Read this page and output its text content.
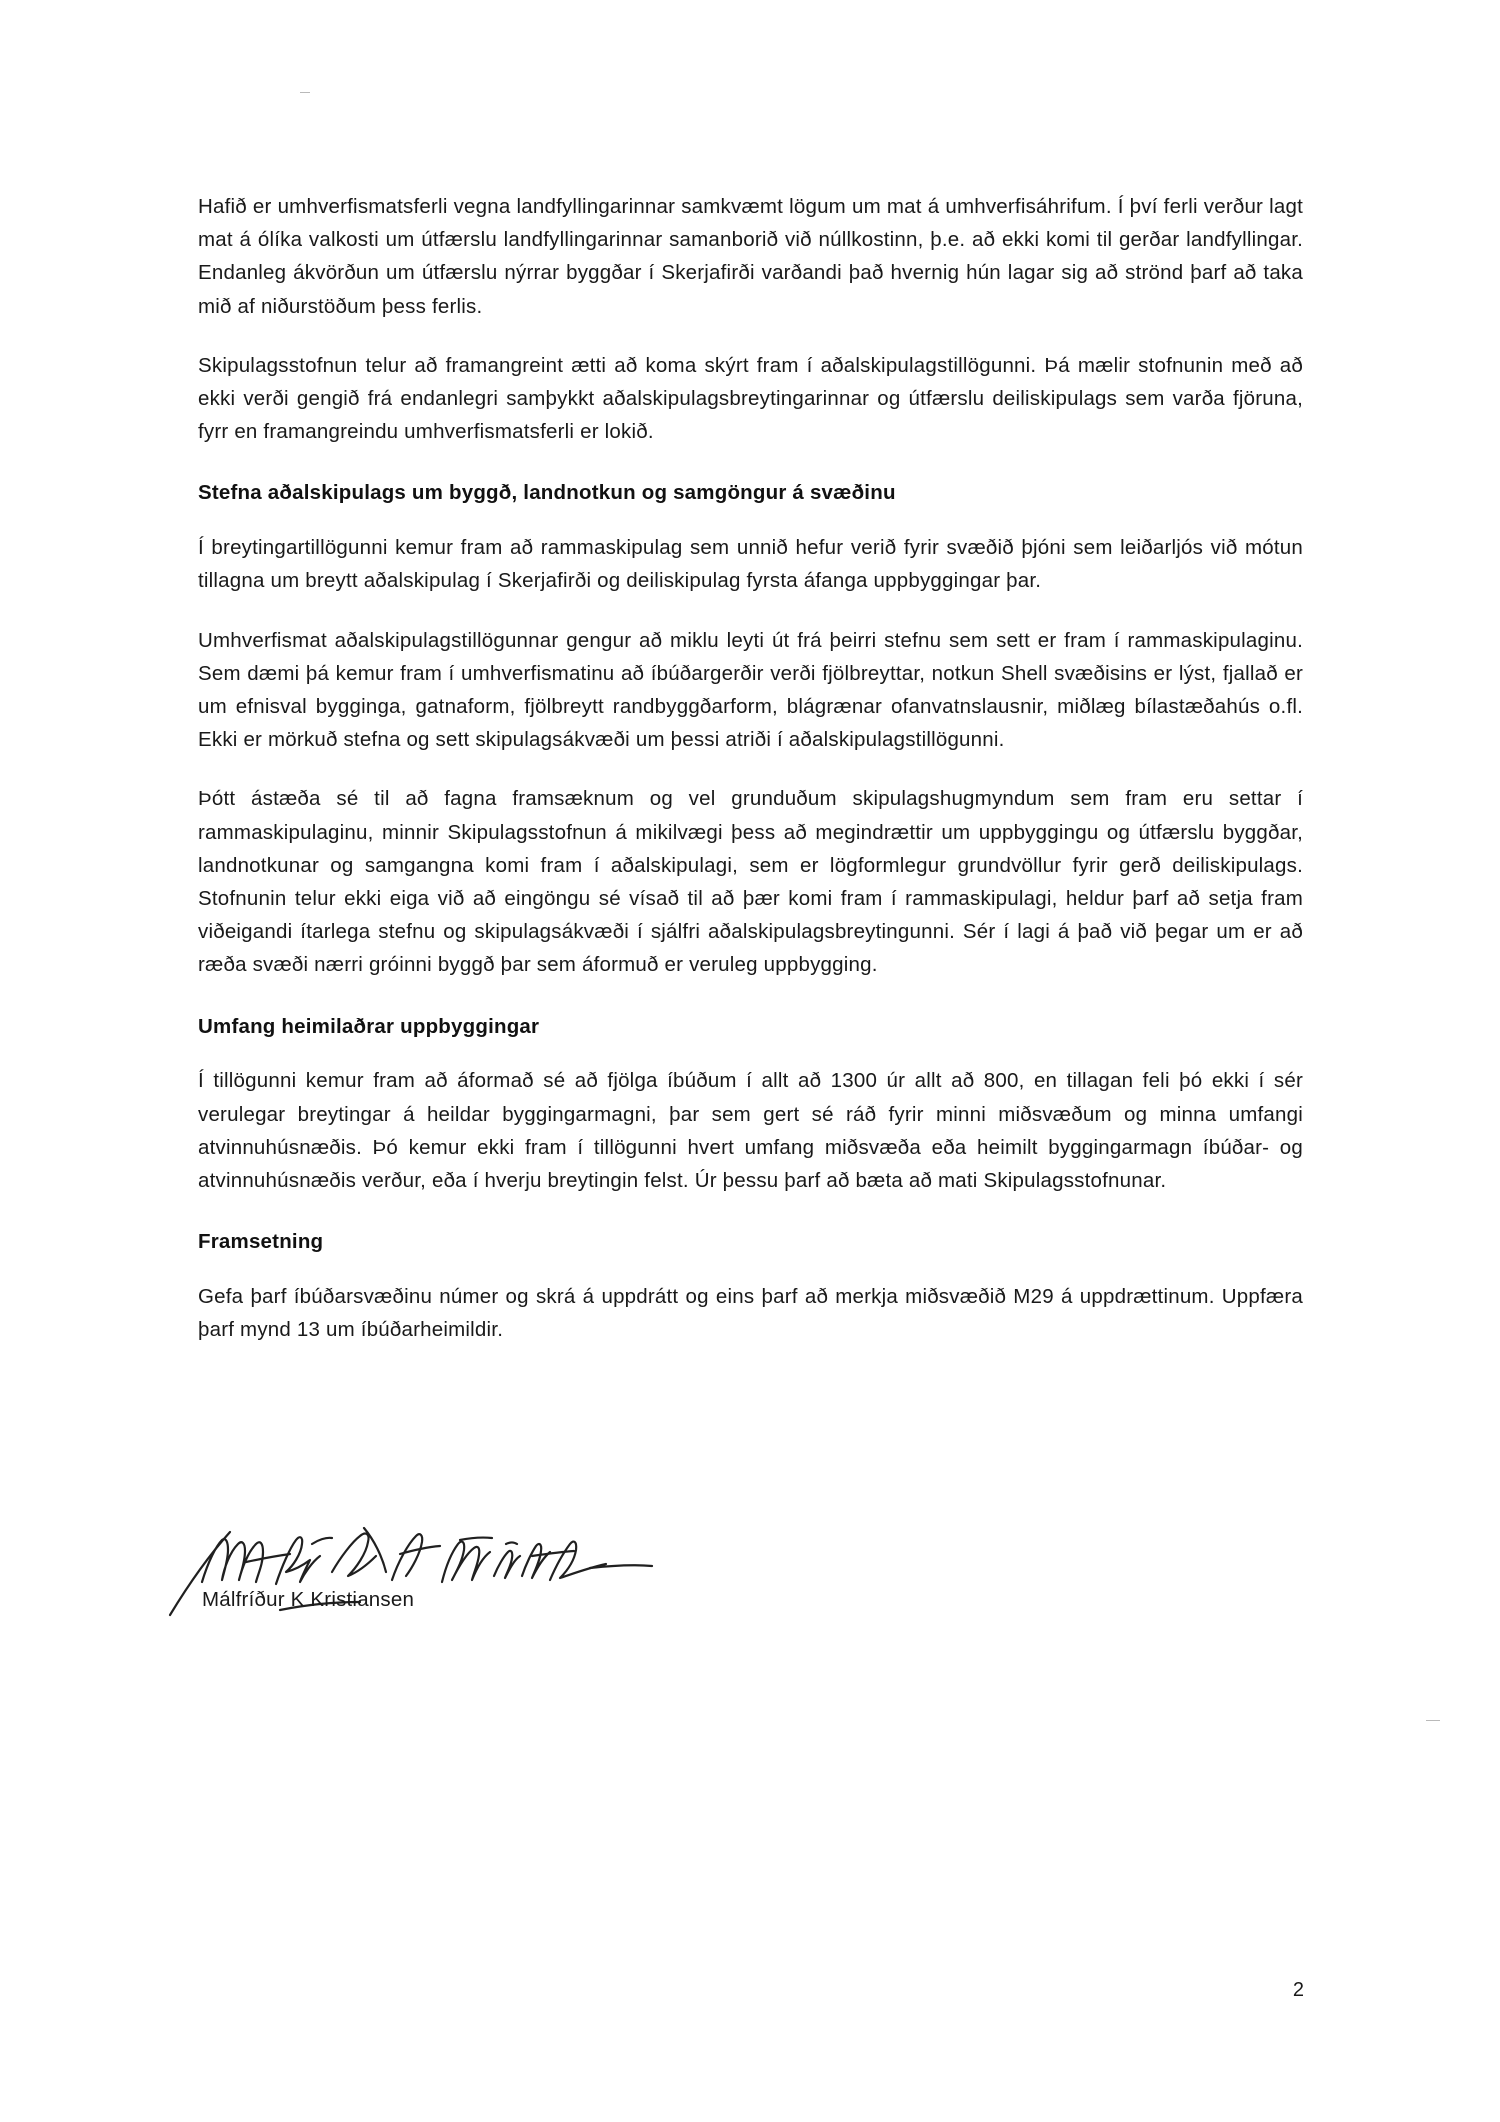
Hafið er umhverfismatsferli vegna landfyllingarinnar samkvæmt lögum um mat á umhverfisáhrifum. Í því ferli verður lagt mat á ólíka valkosti um útfærslu landfyllingarinnar samanborið við núllkostinn, þ.e. að ekki komi til gerðar landfyllingar. Endanleg ákvörðun um útfærslu nýrrar byggðar í Skerjafirði varðandi það hvernig hún lagar sig að strönd þarf að taka mið af niðurstöðum þess ferlis.

Skipulagsstofnun telur að framangreint ætti að koma skýrt fram í aðalskipulagstillögunni. Þá mælir stofnunin með að ekki verði gengið frá endanlegri samþykkt aðalskipulagsbreytingarinnar og útfærslu deiliskipulags sem varða fjöruna, fyrr en framangreindu umhverfismatsferli er lokið.

Stefna aðalskipulags um byggð, landnotkun og samgöngur á svæðinu

Í breytingartillögunni kemur fram að rammaskipulag sem unnið hefur verið fyrir svæðið þjóni sem leiðarljós við mótun tillagna um breytt aðalskipulag í Skerjafirði og deiliskipulag fyrsta áfanga uppbyggingar þar.

Umhverfismat aðalskipulagstillögunnar gengur að miklu leyti út frá þeirri stefnu sem sett er fram í rammaskipulaginu. Sem dæmi þá kemur fram í umhverfismatinu að íbúðargerðir verði fjölbreyttar, notkun Shell svæðisins er lýst, fjallað er um efnisval bygginga, gatnaform, fjölbreytt randbyggðarform, blágrænar ofanvatnslausnir, miðlæg bílastæðahús o.fl. Ekki er mörkuð stefna og sett skipulagsákvæði um þessi atriði í aðalskipulagstillögunni.

Þótt ástæða sé til að fagna framsæknum og vel grunduðum skipulagshugmyndum sem fram eru settar í rammaskipulaginu, minnir Skipulagsstofnun á mikilvægi þess að megindrættir um uppbyggingu og útfærslu byggðar, landnotkunar og samgangna komi fram í aðalskipulagi, sem er lögformlegur grundvöllur fyrir gerð deiliskipulags. Stofnunin telur ekki eiga við að eingöngu sé vísað til að þær komi fram í rammaskipulagi, heldur þarf að setja fram viðeigandi ítarlega stefnu og skipulagsákvæði í sjálfri aðalskipulagsbreytingunni. Sér í lagi á það við þegar um er að ræða svæði nærri gróinni byggð þar sem áformuð er veruleg uppbygging.

Umfang heimilaðrar uppbyggingar

Í tillögunni kemur fram að áformað sé að fjölga íbúðum í allt að 1300 úr allt að 800, en tillagan feli þó ekki í sér verulegar breytingar á heildar byggingarmagni, þar sem gert sé ráð fyrir minni miðsvæðum og minna umfangi atvinnuhúsnæðis. Þó kemur ekki fram í tillögunni hvert umfang miðsvæða eða heimilt byggingarmagn íbúðar- og atvinnuhúsnæðis verður, eða í hverju breytingin felst. Úr þessu þarf að bæta að mati Skipulagsstofnunar.

Framsetning

Gefa þarf íbúðarsvæðinu númer og skrá á uppdrátt og eins þarf að merkja miðsvæðið M29 á uppdrættinum. Uppfæra þarf mynd 13 um íbúðarheimildir.

Málfríður K Kristiansen
2
